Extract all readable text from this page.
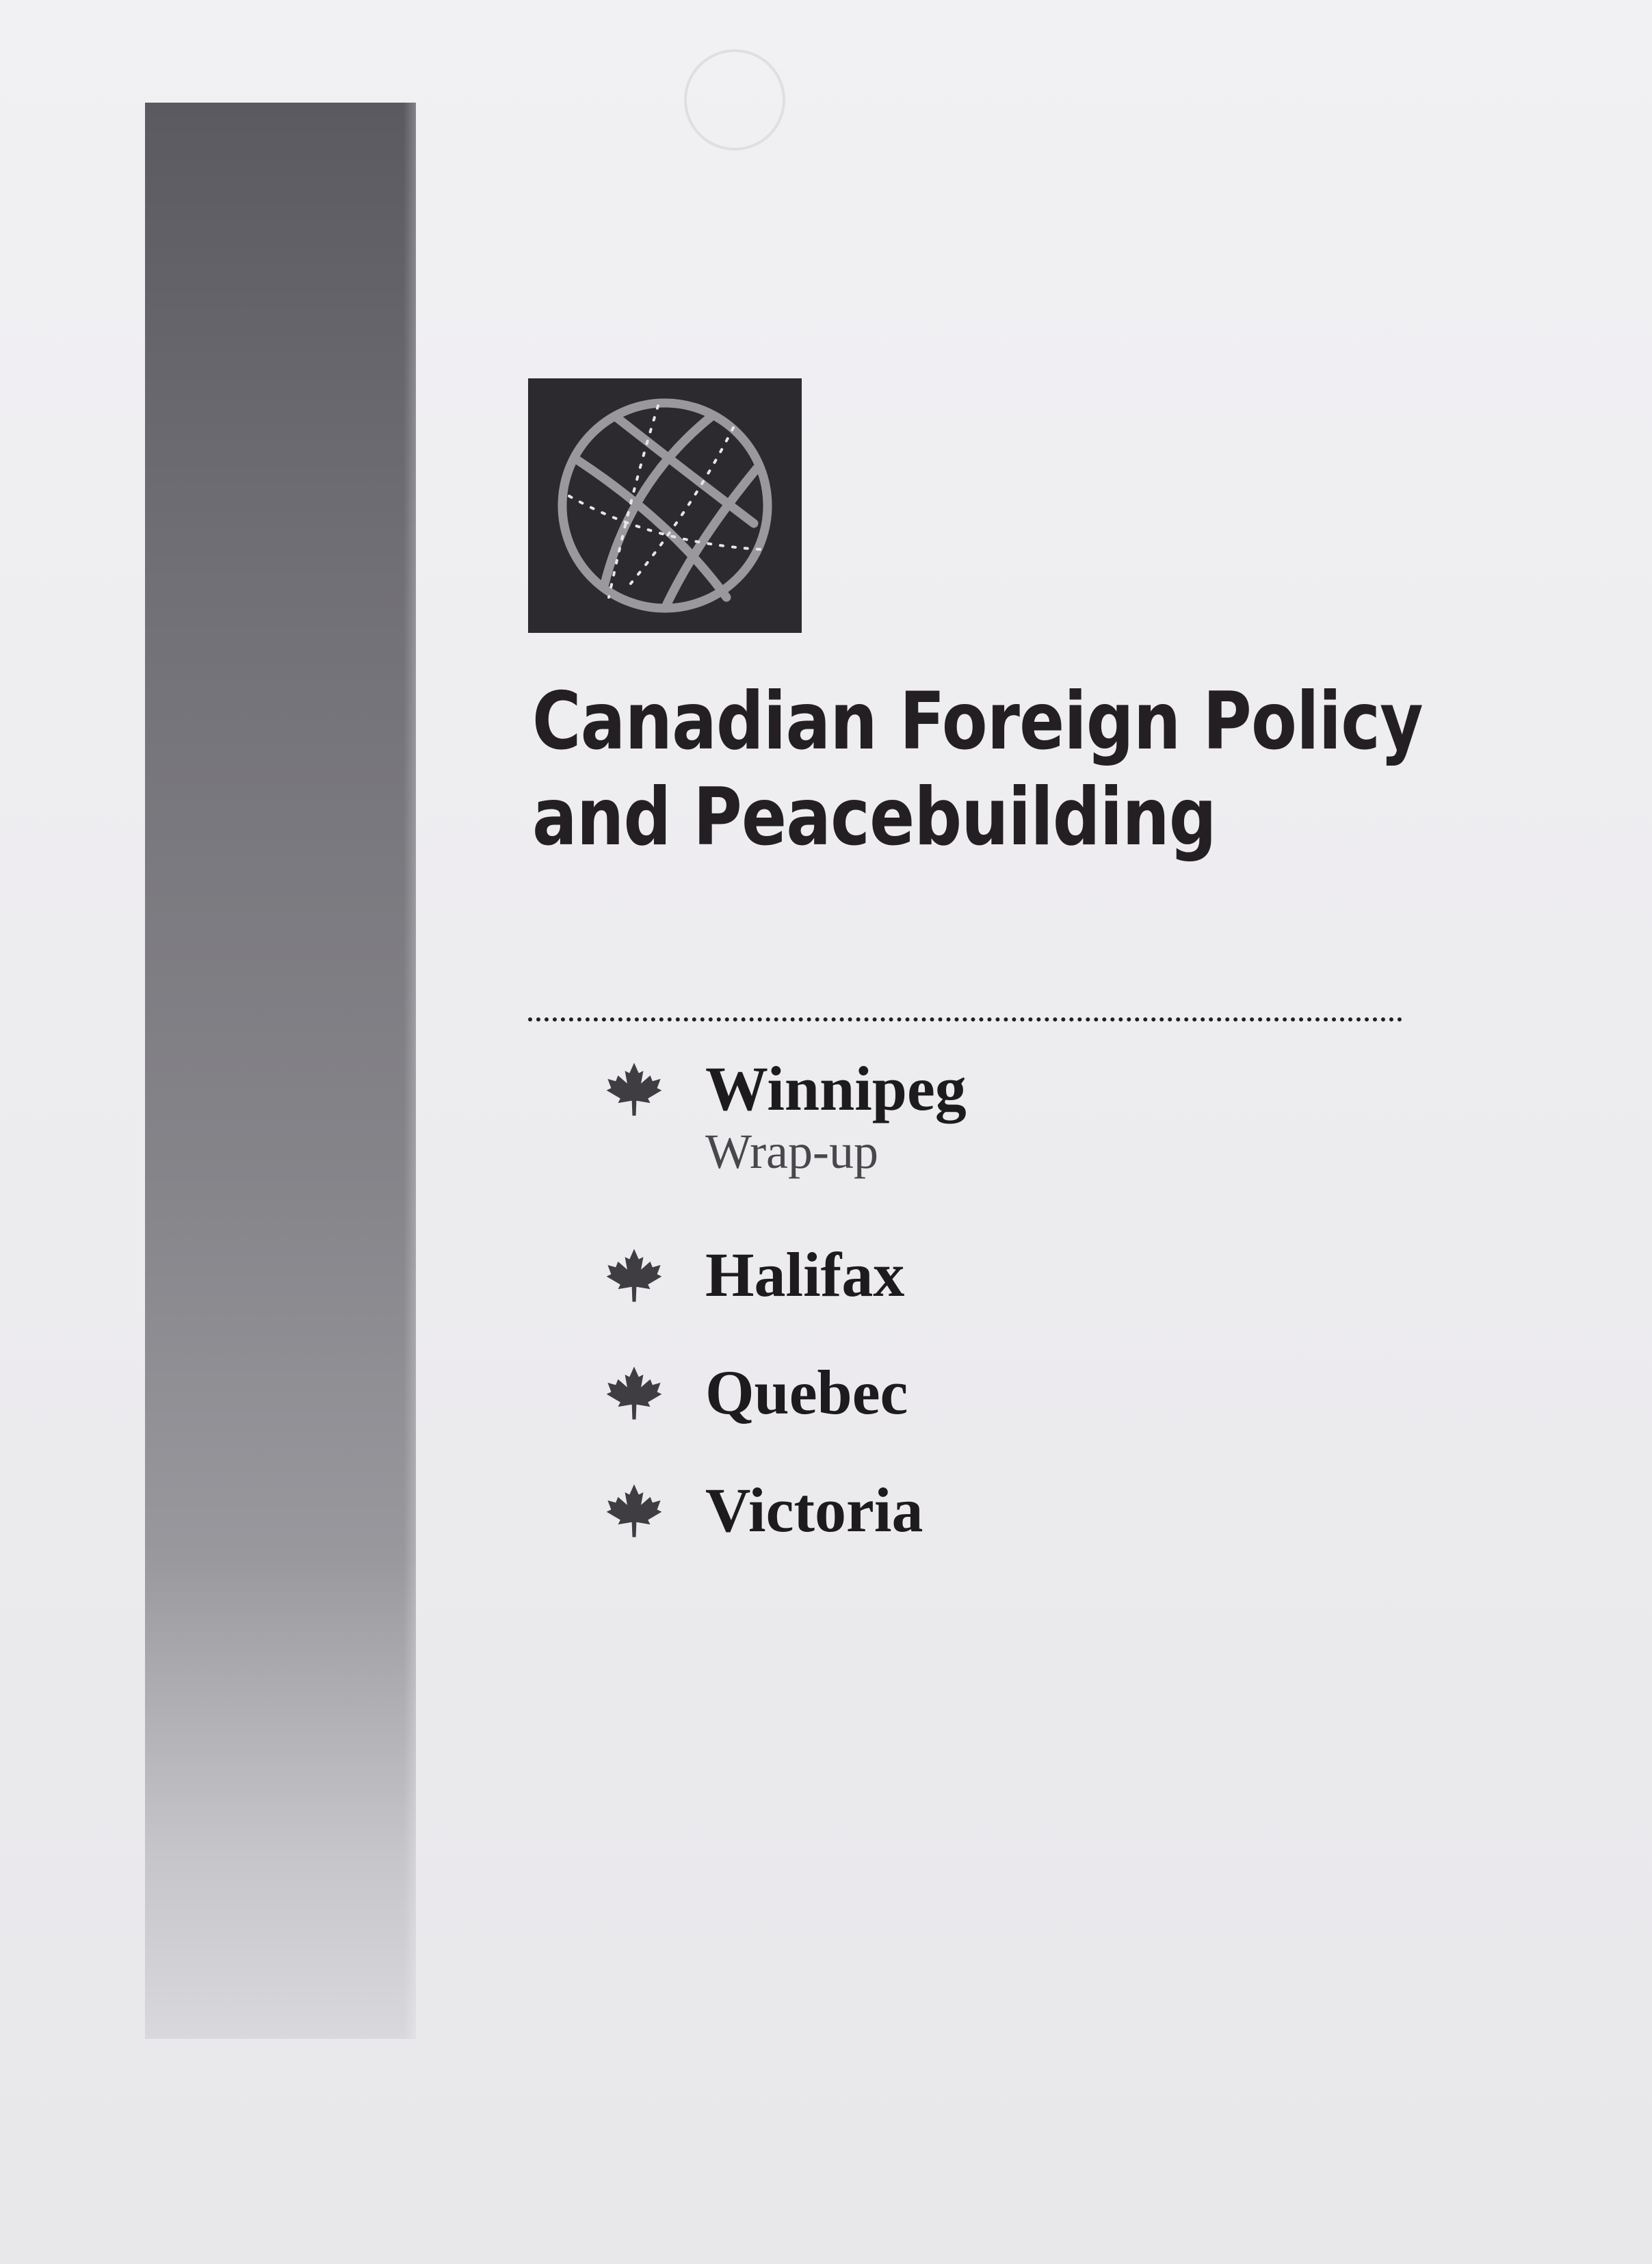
Canadian Foreign Policy
and Peacebuilding
Winnipeg
Wrap-up
Halifax
Quebec
Victoria
